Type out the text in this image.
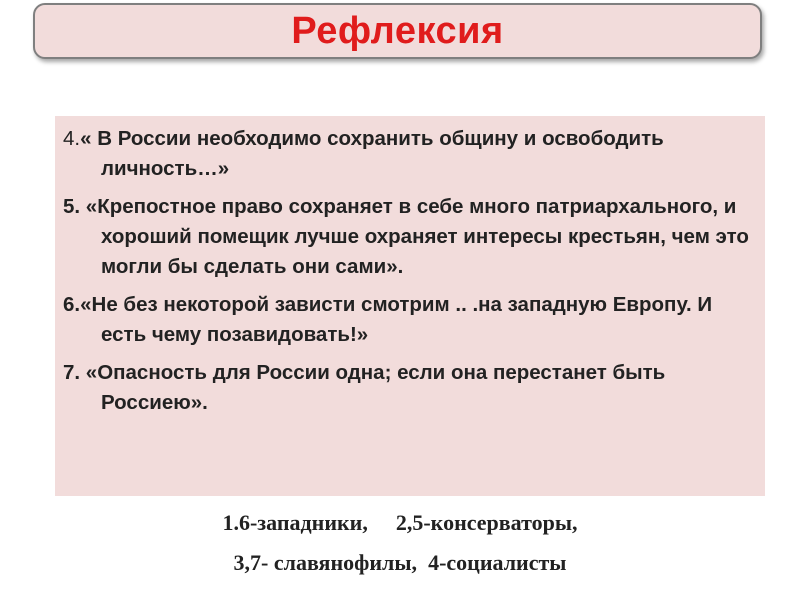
Рефлексия
4.« В России необходимо сохранить общину и освободить личность…»
5. «Крепостное право сохраняет в себе много патриархального, и хороший помещик лучше охраняет интересы крестьян, чем это могли бы сделать они сами».
6.«Не без некоторой зависти смотрим .. .на западную Европу. И есть чему позавидовать!»
7. «Опасность для России одна; если она перестанет быть Россиею».
1.6-западники, 2,5-консерваторы,
3,7- славянофилы, 4-социалисты
